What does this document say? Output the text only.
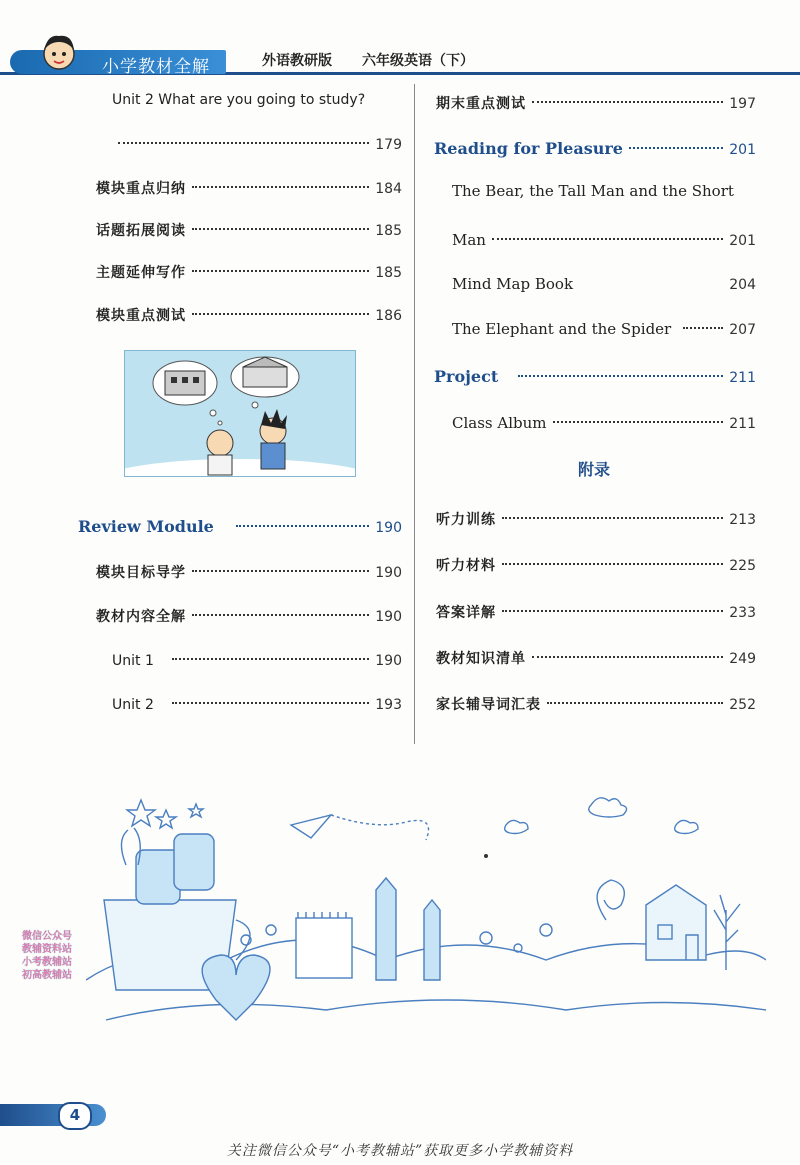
小学教材全解	外语教研版 六年级英语（下）
Unit 2 What are you going to study?
179
模块重点归纳	184
话题拓展阅读	185
主题延伸写作	185
模块重点测试	186
Review Module	190
模块目标导学	190
教材内容全解	190
Unit 1	190
Unit 2	193
期末重点测试	197
Reading for Pleasure	201
The Bear, the Tall Man and the Short
Man	201
Mind Map Book	204
The Elephant and the Spider	207
Project	211
Class Album	211
附录
听力训练	213
听力材料	225
答案详解	233
教材知识清单	249
家长辅导词汇表	252
微信公众号
教辅资料站
小考教辅站
初高教辅站
4
关注微信公众号“小考教辅站”获取更多小学教辅资料
